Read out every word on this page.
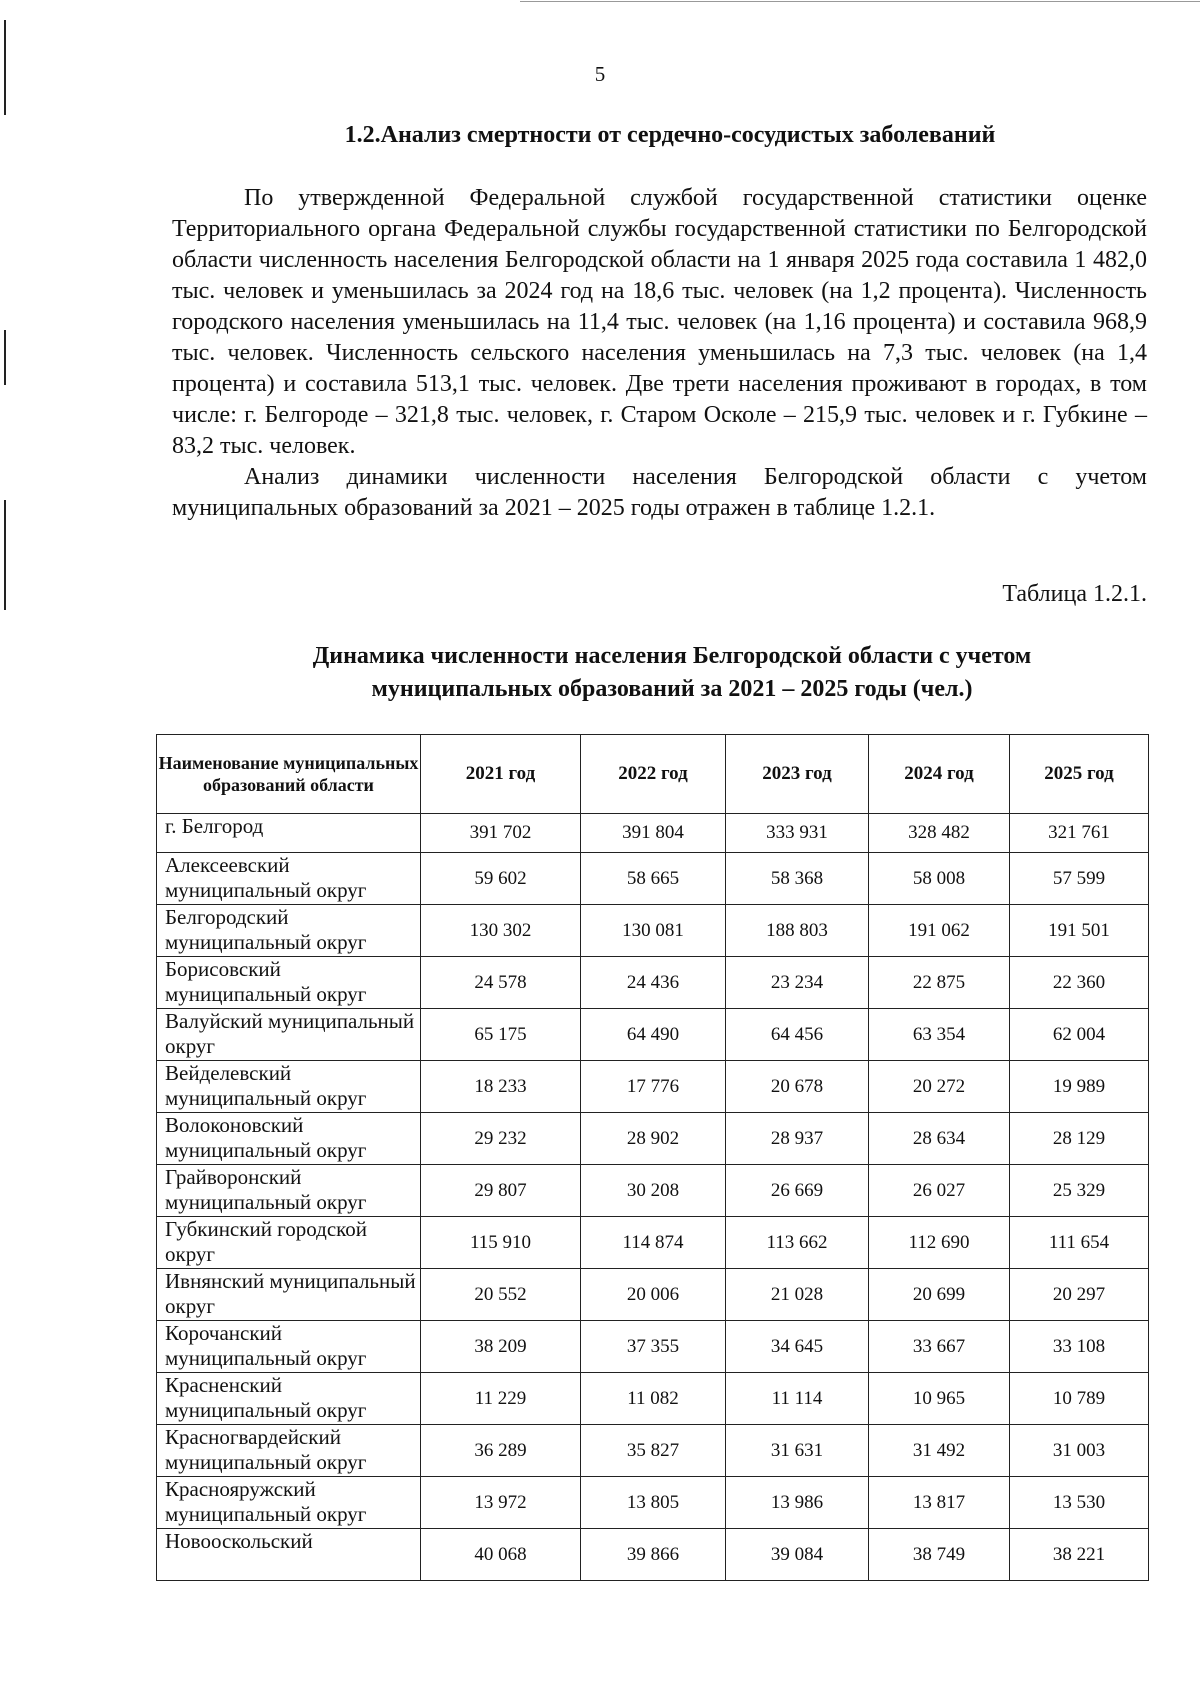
5
1.2.Анализ смертности от сердечно-сосудистых заболеваний

По утвержденной Федеральной службой государственной статистики оценке Территориального органа Федеральной службы государственной статистики по Белгородской области численность населения Белгородской области на 1 января 2025 года составила 1 482,0 тыс. человек и уменьшилась за 2024 год на 18,6 тыс. человек (на 1,2 процента). Численность городского населения уменьшилась на 11,4 тыс. человек (на 1,16 процента) и составила 968,9 тыс. человек. Численность сельского населения уменьшилась на 7,3 тыс. человек (на 1,4 процента) и составила 513,1 тыс. человек. Две трети населения проживают в городах, в том числе: г. Белгороде – 321,8 тыс. человек, г. Старом Осколе – 215,9 тыс. человек и г. Губкине – 83,2 тыс. человек.

Анализ динамики численности населения Белгородской области с учетом муниципальных образований за 2021 – 2025 годы отражен в таблице 1.2.1.

Таблица 1.2.1.
Динамика численности населения Белгородской области с учетом
муниципальных образований за 2021 – 2025 годы (чел.)
Наименование муниципальных образований области	2021 год	2022 год	2023 год	2024 год	2025 год
г. Белгород	391 702	391 804	333 931	328 482	321 761
Алексеевский муниципальный округ	59 602	58 665	58 368	58 008	57 599
Белгородский муниципальный округ	130 302	130 081	188 803	191 062	191 501
Борисовский муниципальный округ	24 578	24 436	23 234	22 875	22 360
Валуйский муниципальный округ	65 175	64 490	64 456	63 354	62 004
Вейделевский муниципальный округ	18 233	17 776	20 678	20 272	19 989
Волоконовский муниципальный округ	29 232	28 902	28 937	28 634	28 129
Грайворонский муниципальный округ	29 807	30 208	26 669	26 027	25 329
Губкинский городской округ	115 910	114 874	113 662	112 690	111 654
Ивнянский муниципальный округ	20 552	20 006	21 028	20 699	20 297
Корочанский муниципальный округ	38 209	37 355	34 645	33 667	33 108
Красненский муниципальный округ	11 229	11 082	11 114	10 965	10 789
Красногвардейский муниципальный округ	36 289	35 827	31 631	31 492	31 003
Краснояружский муниципальный округ	13 972	13 805	13 986	13 817	13 530
Новооскольский	40 068	39 866	39 084	38 749	38 221
